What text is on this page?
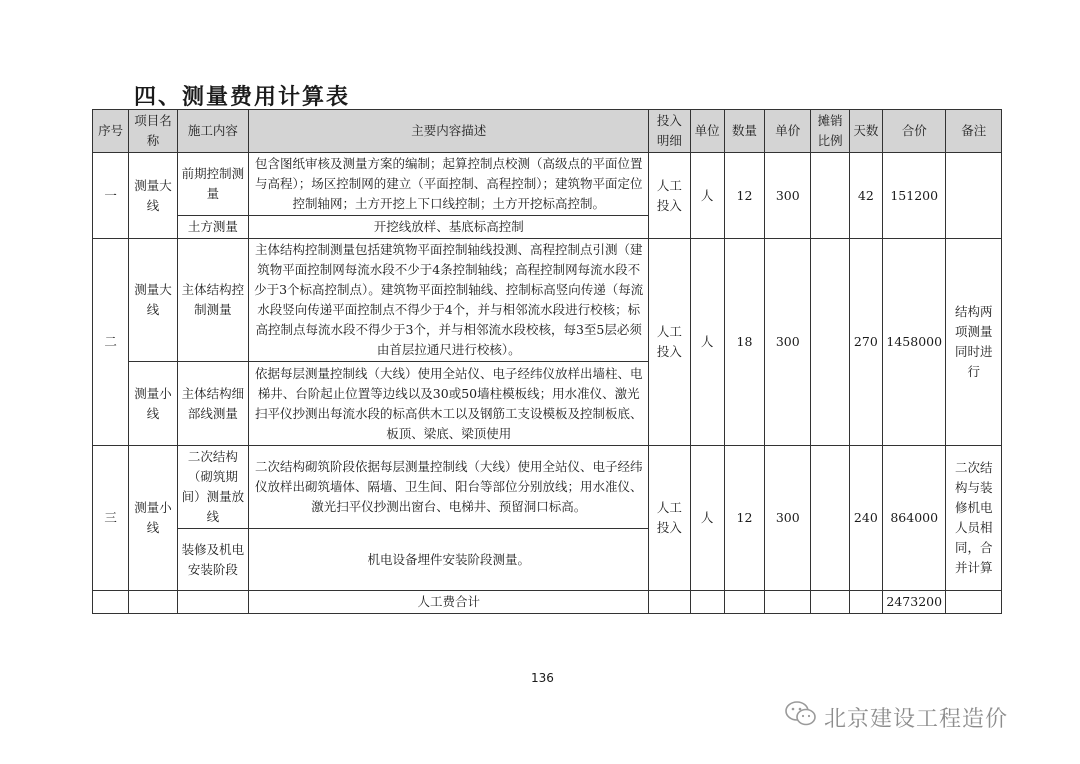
四、测量费用计算表
序号	项目名称	施工内容	主要内容描述	投入明细	单位	数量	单价	摊销比例	天数	合价	备注
一	测量大线	前期控制测量	包含图纸审核及测量方案的编制；起算控制点校测（高级点的平面位置与高程）；场区控制网的建立（平面控制、高程控制）；建筑物平面定位控制轴网；土方开挖上下口线控制；土方开挖标高控制。	人工投入	人	12	300		42	151200	
		土方测量	开挖线放样、基底标高控制								
二	测量大线	主体结构控制测量	主体结构控制测量包括建筑物平面控制轴线投测、高程控制点引测（建筑物平面控制网每流水段不少于4条控制轴线；高程控制网每流水段不少于3个标高控制点）。建筑物平面控制轴线、控制标高竖向传递（每流水段竖向传递平面控制点不得少于4个，并与相邻流水段进行校核；标高控制点每流水段不得少于3个，并与相邻流水段校核，每3至5层必须由首层拉通尺进行校核）。	人工投入	人	18	300		270	1458000	结构两项测量同时进行
	测量小线	主体结构细部线测量	依据每层测量控制线（大线）使用全站仪、电子经纬仪放样出墙柱、电梯井、台阶起止位置等边线以及30或50墙柱模板线；用水准仪、激光扫平仪抄测出每流水段的标高供木工以及钢筋工支设模板及控制板底、板顶、梁底、梁顶使用								
三	测量小线	二次结构（砌筑期间）测量放线	二次结构砌筑阶段依据每层测量控制线（大线）使用全站仪、电子经纬仪放样出砌筑墙体、隔墙、卫生间、阳台等部位分别放线；用水准仪、激光扫平仪抄测出窗台、电梯井、预留洞口标高。	人工投入	人	12	300		240	864000	二次结构与装修机电人员相同，合并计算
		装修及机电安装阶段	机电设备埋件安装阶段测量。								
			人工费合计							2473200	
136
北京建设工程造价
